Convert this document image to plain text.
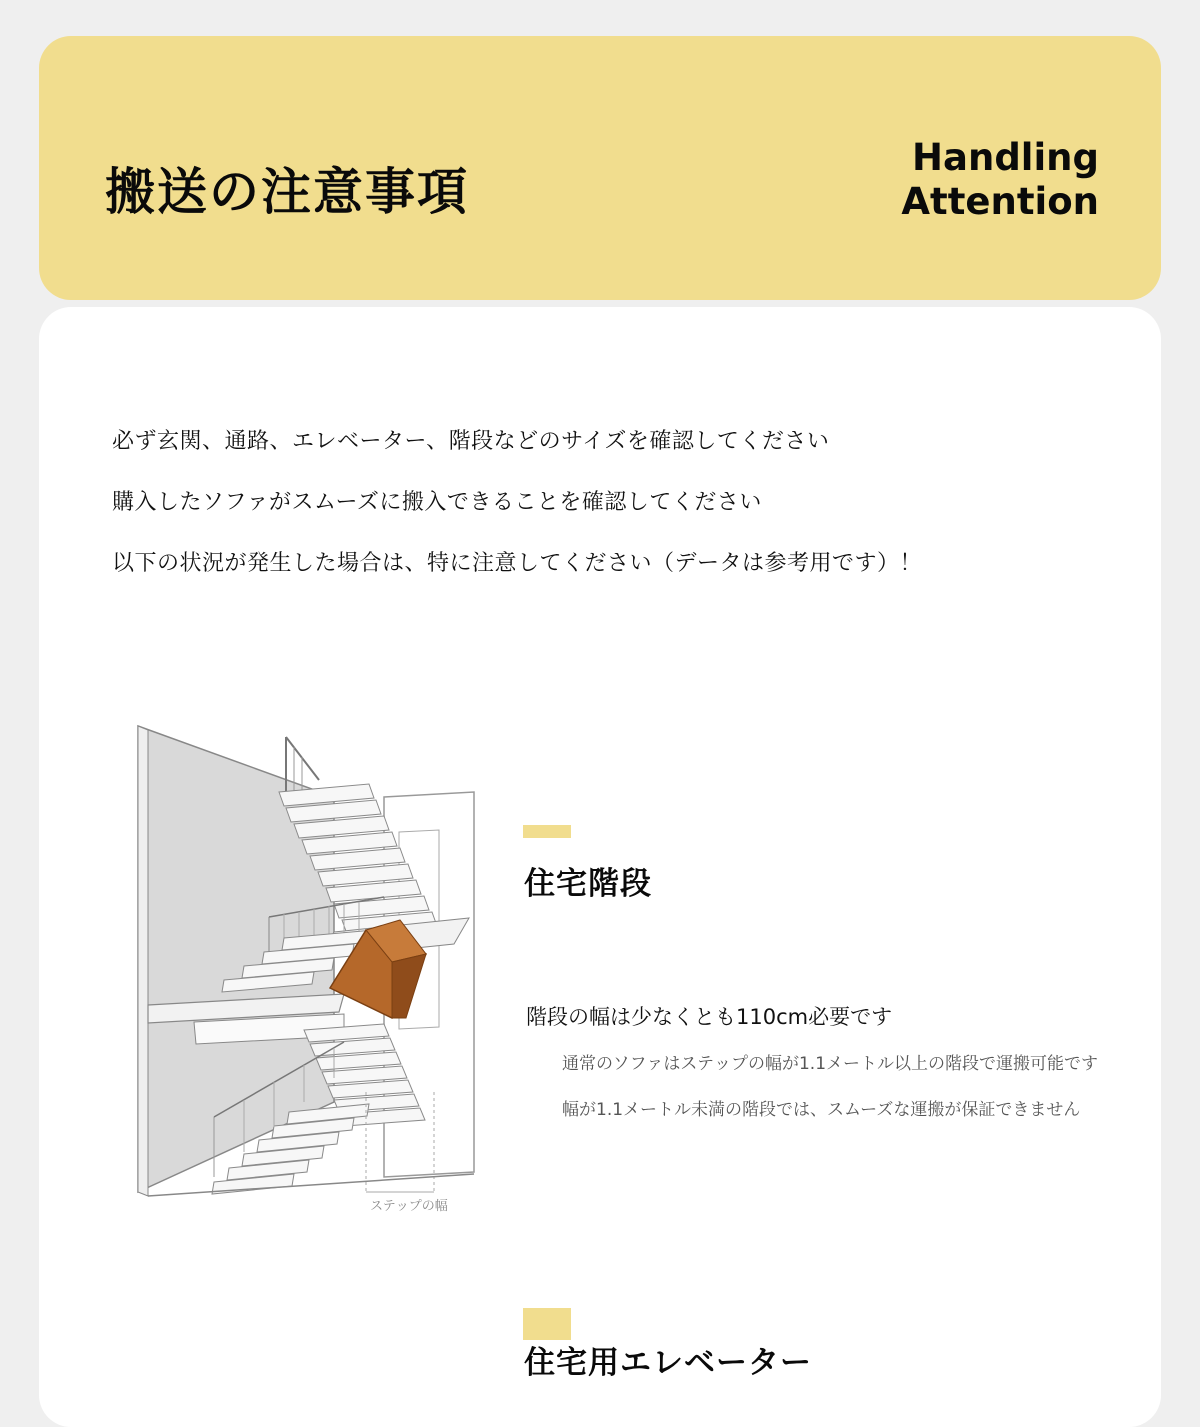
搬送の注意事項
Handling
Attention
必ず玄関、通路、エレベーター、階段などのサイズを確認してください
購入したソファがスムーズに搬入できることを確認してください
以下の状況が発生した場合は、特に注意してください（データは参考用です）！
ステップの幅
住宅階段
階段の幅は少なくとも110cm必要です
通常のソファはステップの幅が1.1メートル以上の階段で運搬可能です
幅が1.1メートル未満の階段では、スムーズな運搬が保証できません
住宅用エレベーター
